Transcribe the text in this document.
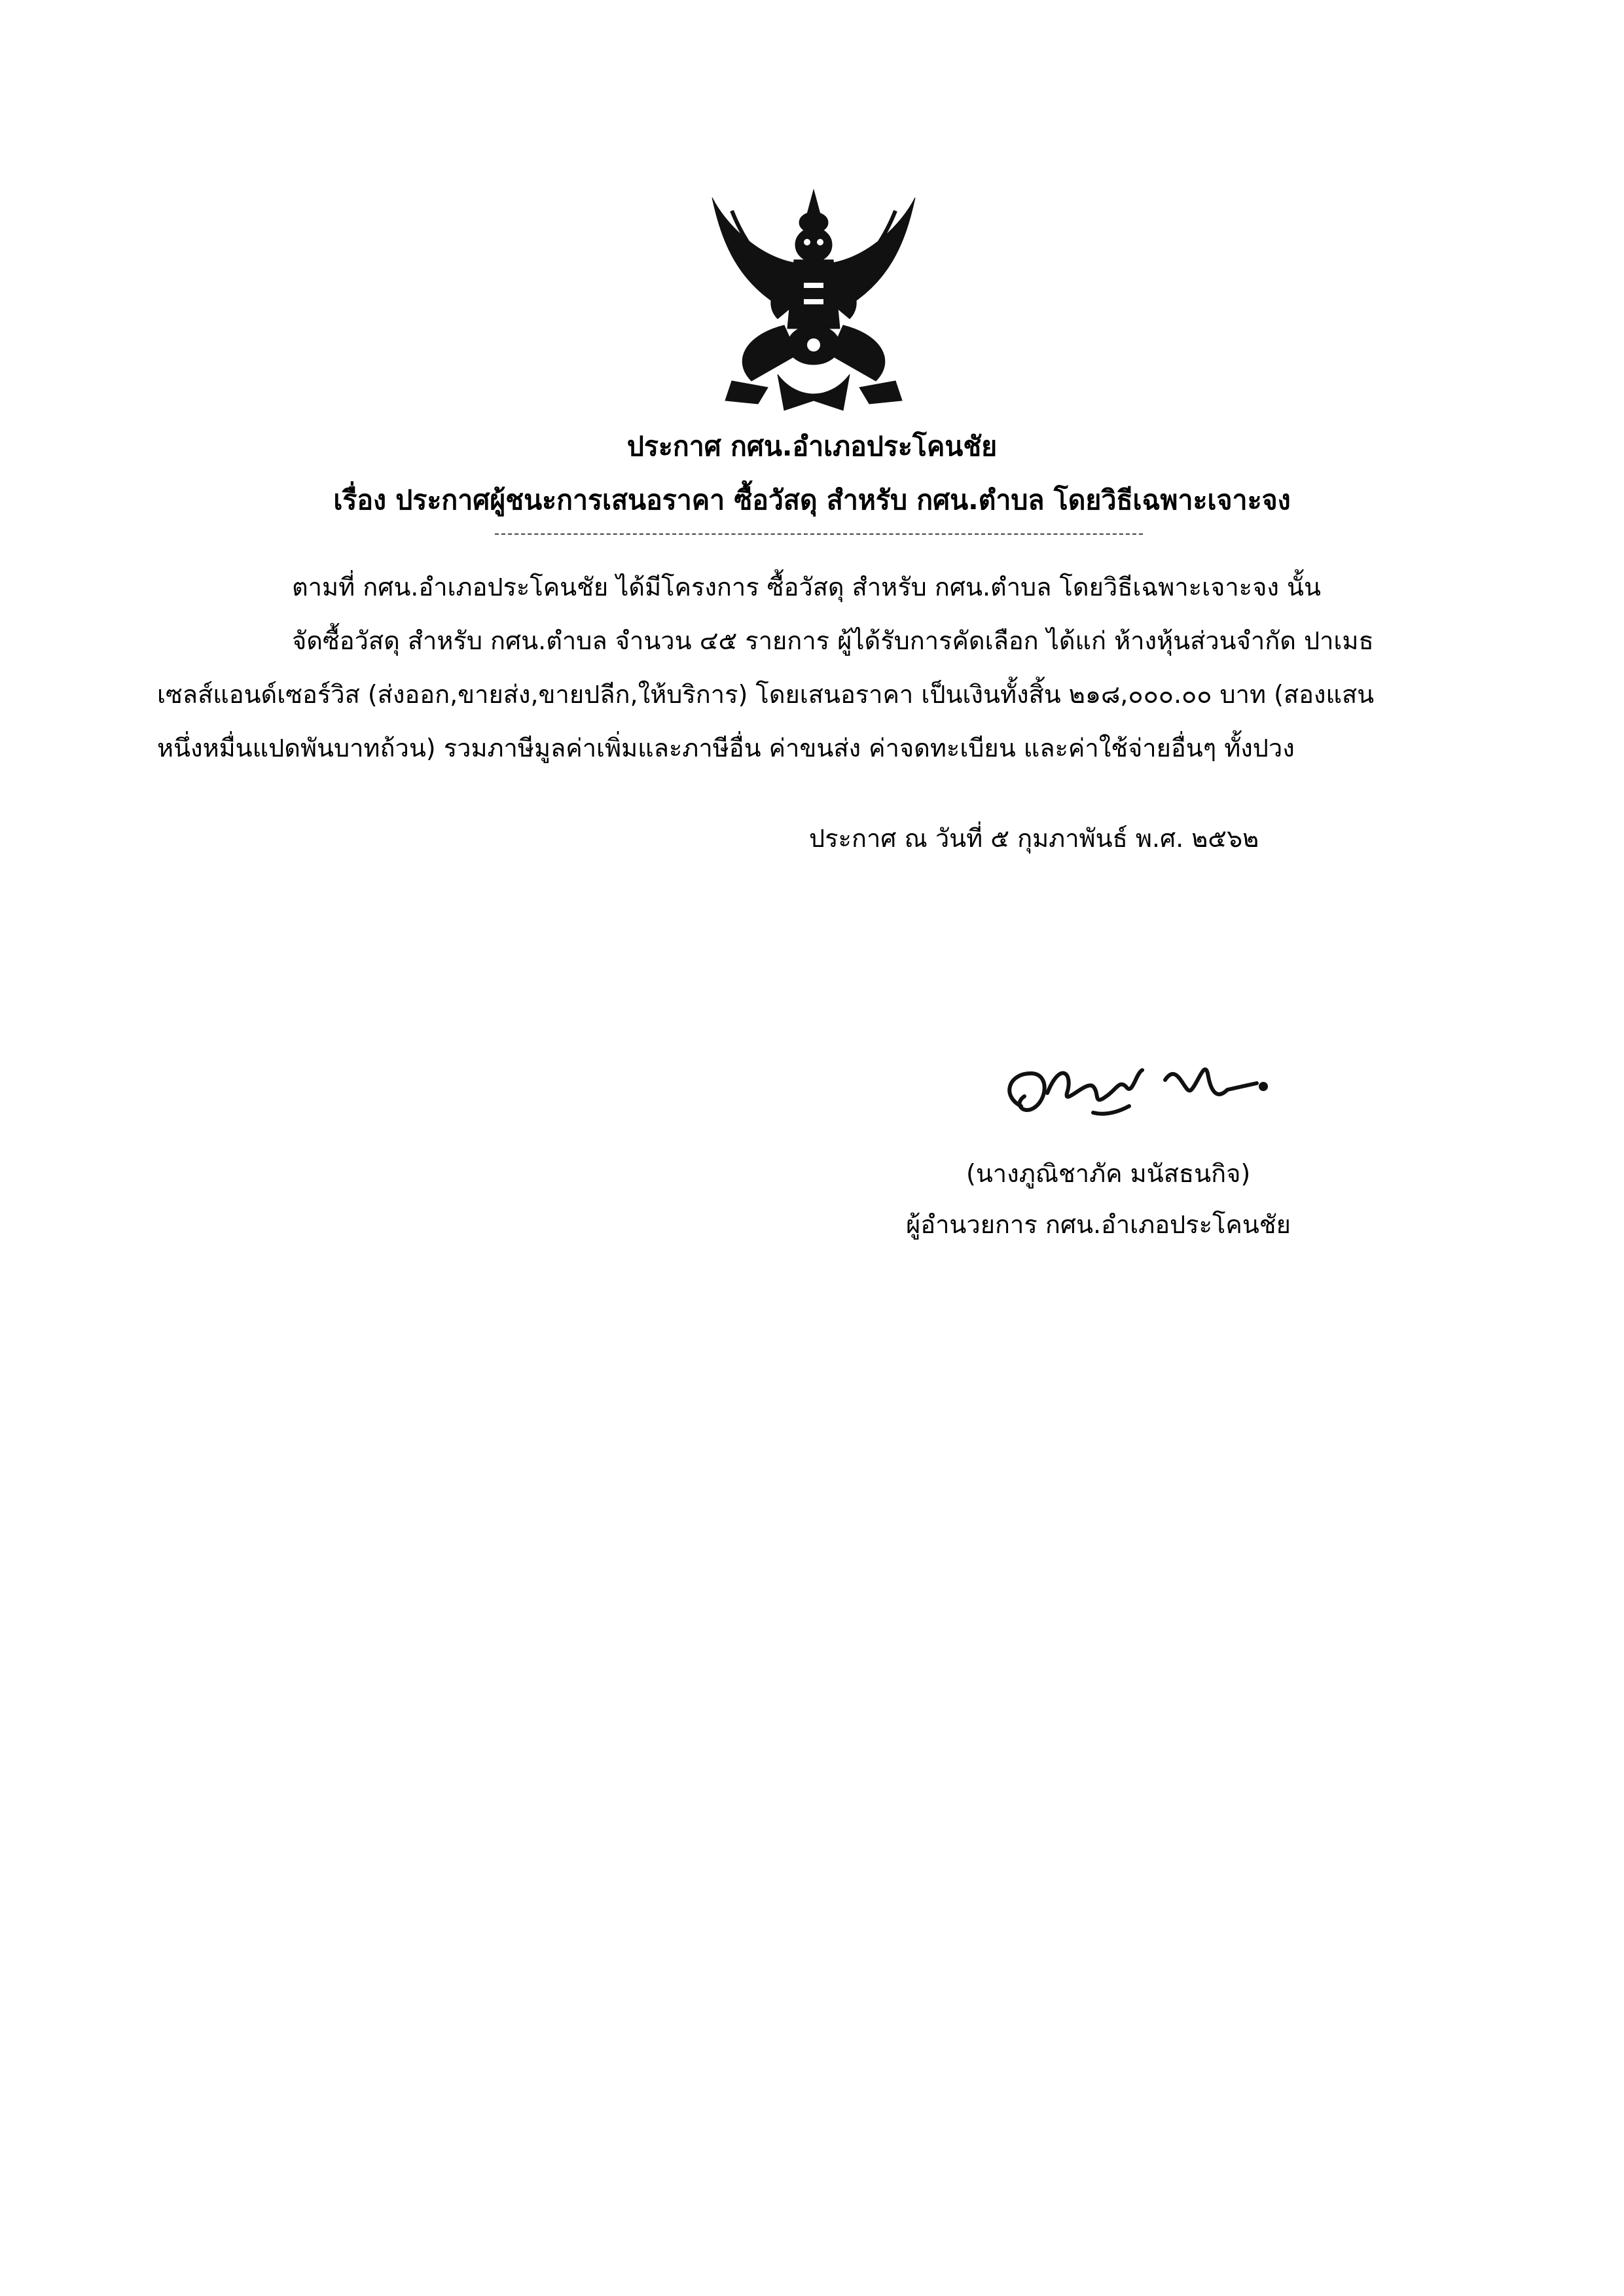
ประกาศ กศน.อำเภอประโคนชัย
เรื่อง ประกาศผู้ชนะการเสนอราคา ซื้อวัสดุ สำหรับ กศน.ตำบล โดยวิธีเฉพาะเจาะจง
ตามที่ กศน.อำเภอประโคนชัย ได้มีโครงการ ซื้อวัสดุ สำหรับ กศน.ตำบล โดยวิธีเฉพาะเจาะจง นั้น
จัดซื้อวัสดุ สำหรับ กศน.ตำบล จำนวน ๔๕ รายการ ผู้ได้รับการคัดเลือก ได้แก่ ห้างหุ้นส่วนจำกัด ปาเมธ
เซลส์แอนด์เซอร์วิส (ส่งออก,ขายส่ง,ขายปลีก,ให้บริการ) โดยเสนอราคา เป็นเงินทั้งสิ้น ๒๑๘,๐๐๐.๐๐ บาท (สองแสน
หนึ่งหมื่นแปดพันบาทถ้วน) รวมภาษีมูลค่าเพิ่มและภาษีอื่น ค่าขนส่ง ค่าจดทะเบียน และค่าใช้จ่ายอื่นๆ ทั้งปวง
ประกาศ ณ วันที่ ๕ กุมภาพันธ์ พ.ศ. ๒๕๖๒
(นางภูณิชาภัค มนัสธนกิจ)
ผู้อำนวยการ กศน.อำเภอประโคนชัย
